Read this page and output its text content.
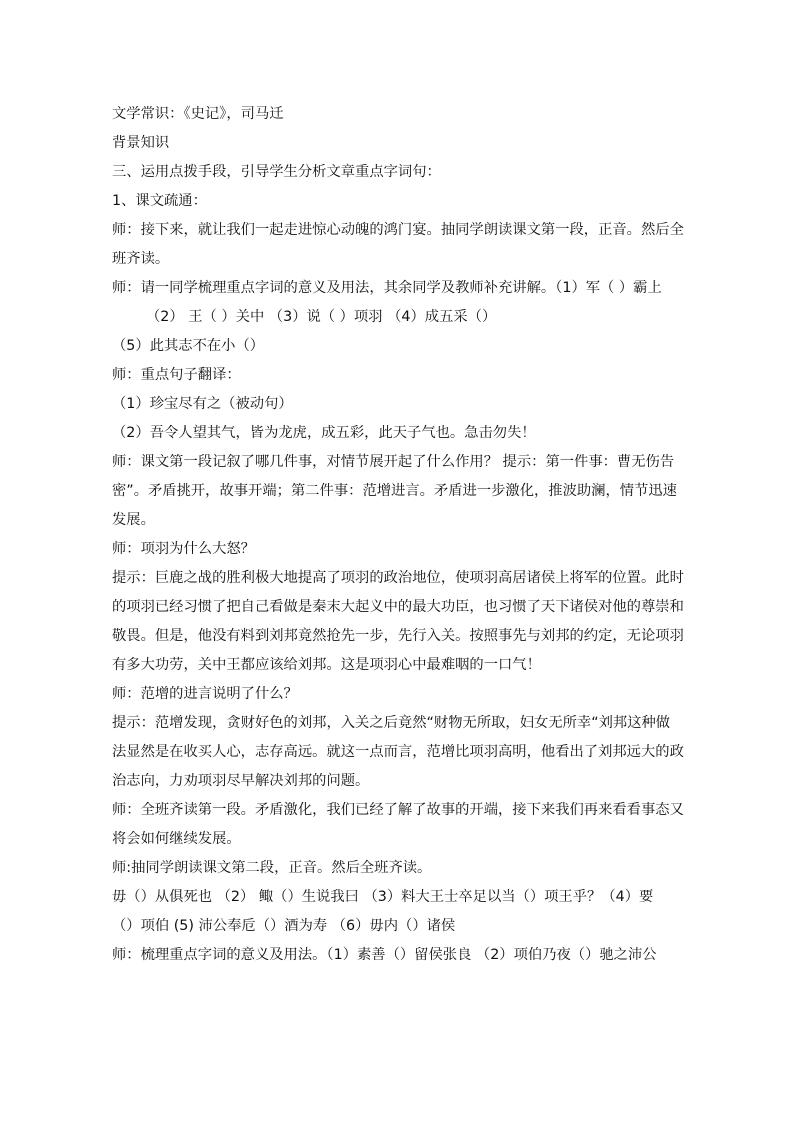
文学常识：《史记》，司马迁
背景知识
三、运用点拨手段，引导学生分析文章重点字词句：
1、课文疏通：
师：接下来，就让我们一起走进惊心动魄的鸿门宴。抽同学朗读课文第一段，正音。然后全
班齐读。
师：请一同学梳理重点字词的意义及用法，其余同学及教师补充讲解。（1）军（ ）霸上
（2） 王（ ）关中 （3）说（ ）项羽 （4）成五采（）
（5）此其志不在小（）
师：重点句子翻译：
（1）珍宝尽有之（被动句）
（2）吾令人望其气，皆为龙虎，成五彩，此天子气也。急击勿失！
师：课文第一段记叙了哪几件事，对情节展开起了什么作用？ 提示：第一件事：曹无伤告
密”。矛盾挑开，故事开端；第二件事：范增进言。矛盾进一步激化，推波助澜，情节迅速
发展。
师：项羽为什么大怒？
提示：巨鹿之战的胜利极大地提高了项羽的政治地位，使项羽高居诸侯上将军的位置。此时
的项羽已经习惯了把自己看做是秦末大起义中的最大功臣，也习惯了天下诸侯对他的尊崇和
敬畏。但是，他没有料到刘邦竟然抢先一步，先行入关。按照事先与刘邦的约定，无论项羽
有多大功劳，关中王都应该给刘邦。这是项羽心中最难咽的一口气！
师：范增的进言说明了什么？
提示：范增发现，贪财好色的刘邦，入关之后竟然“财物无所取，妇女无所幸“刘邦这种做
法显然是在收买人心，志存高远。就这一点而言，范增比项羽高明，他看出了刘邦远大的政
治志向，力劝项羽尽早解决刘邦的问题。
师：全班齐读第一段。矛盾激化，我们已经了解了故事的开端，接下来我们再来看看事态又
将会如何继续发展。
师:抽同学朗读课文第二段，正音。然后全班齐读。
毋（）从俱死也 （2） 鲰（）生说我曰 （3）料大王士卒足以当（）项王乎？（4）要
（）项伯 (5) 沛公奉卮（）酒为寿 （6）毋内（）诸侯
师：梳理重点字词的意义及用法。（1）素善（）留侯张良 （2）项伯乃夜（）驰之沛公
